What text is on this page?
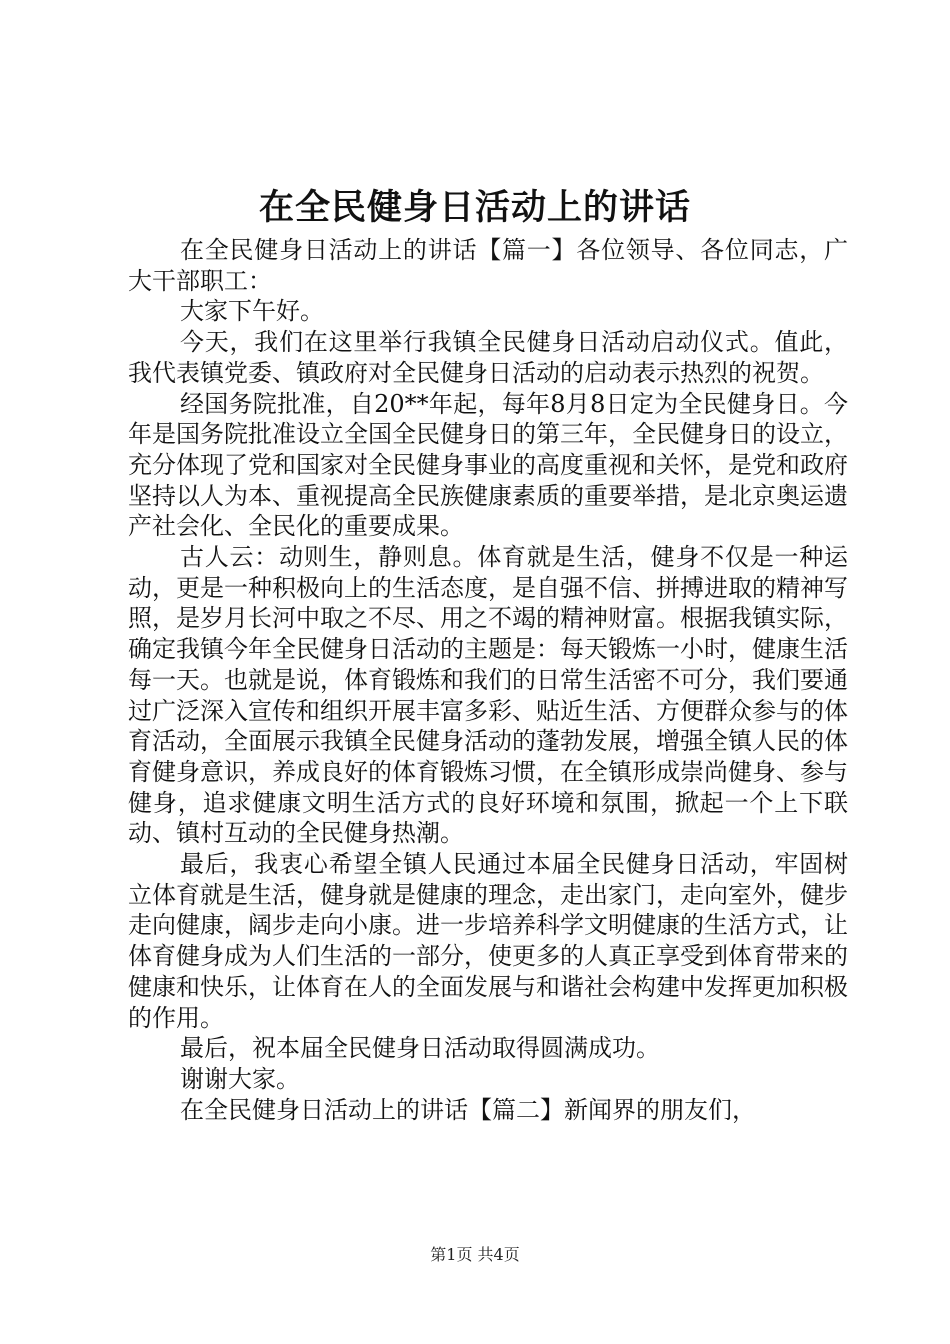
在全民健身日活动上的讲话

在全民健身日活动上的讲话【篇一】各位领导、各位同志，广大干部职工：

大家下午好。

今天，我们在这里举行我镇全民健身日活动启动仪式。值此，我代表镇党委、镇政府对全民健身日活动的启动表示热烈的祝贺。

经国务院批准，自20**年起，每年8月8日定为全民健身日。今年是国务院批准设立全国全民健身日的第三年，全民健身日的设立，充分体现了党和国家对全民健身事业的高度重视和关怀，是党和政府坚持以人为本、重视提高全民族健康素质的重要举措，是北京奥运遗产社会化、全民化的重要成果。

古人云：动则生，静则息。体育就是生活，健身不仅是一种运动，更是一种积极向上的生活态度，是自强不信、拼搏进取的精神写照，是岁月长河中取之不尽、用之不竭的精神财富。根据我镇实际，确定我镇今年全民健身日活动的主题是：每天锻炼一小时，健康生活每一天。也就是说，体育锻炼和我们的日常生活密不可分，我们要通过广泛深入宣传和组织开展丰富多彩、贴近生活、方便群众参与的体育活动，全面展示我镇全民健身活动的蓬勃发展，增强全镇人民的体育健身意识，养成良好的体育锻炼习惯，在全镇形成崇尚健身、参与健身，追求健康文明生活方式的良好环境和氛围，掀起一个上下联动、镇村互动的全民健身热潮。

最后，我衷心希望全镇人民通过本届全民健身日活动，牢固树立体育就是生活，健身就是健康的理念，走出家门，走向室外，健步走向健康，阔步走向小康。进一步培养科学文明健康的生活方式，让体育健身成为人们生活的一部分，使更多的人真正享受到体育带来的健康和快乐，让体育在人的全面发展与和谐社会构建中发挥更加积极的作用。

最后，祝本届全民健身日活动取得圆满成功。

谢谢大家。

在全民健身日活动上的讲话【篇二】新闻界的朋友们，

第1页 共4页
